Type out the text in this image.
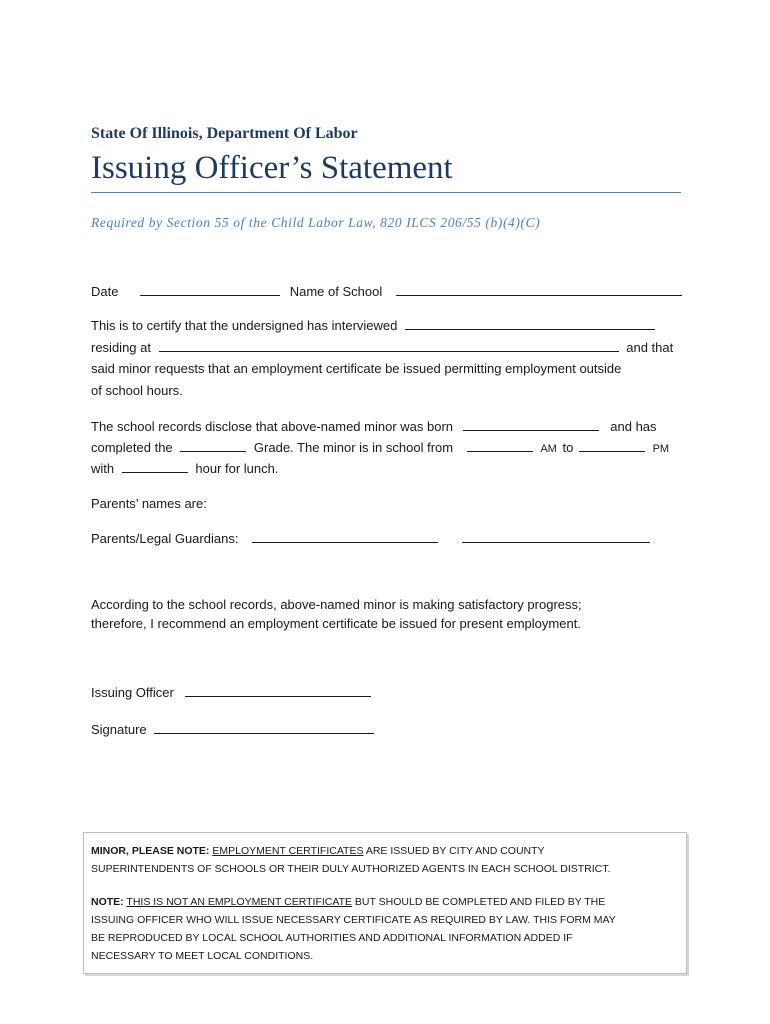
State Of Illinois, Department Of Labor
Issuing Officer’s Statement
Required by Section 55 of the Child Labor Law, 820 ILCS 206/55 (b)(4)(C)
Date	Name of School
This is to certify that the undersigned has interviewed
residing at	and that
said minor requests that an employment certificate be issued permitting employment outside
of school hours.
The school records disclose that above-named minor was born	and has
completed the	Grade. The minor is in school from	AM to	PM
with	hour for lunch.
Parents’ names are:
Parents/Legal Guardians:
According to the school records, above-named minor is making satisfactory progress;
therefore, I recommend an employment certificate be issued for present employment.
Issuing Officer
Signature
MINOR, PLEASE NOTE: EMPLOYMENT CERTIFICATES ARE ISSUED BY CITY AND COUNTY
SUPERINTENDENTS OF SCHOOLS OR THEIR DULY AUTHORIZED AGENTS IN EACH SCHOOL DISTRICT.
NOTE: THIS IS NOT AN EMPLOYMENT CERTIFICATE BUT SHOULD BE COMPLETED AND FILED BY THE
ISSUING OFFICER WHO WILL ISSUE NECESSARY CERTIFICATE AS REQUIRED BY LAW. THIS FORM MAY
BE REPRODUCED BY LOCAL SCHOOL AUTHORITIES AND ADDITIONAL INFORMATION ADDED IF
NECESSARY TO MEET LOCAL CONDITIONS.
